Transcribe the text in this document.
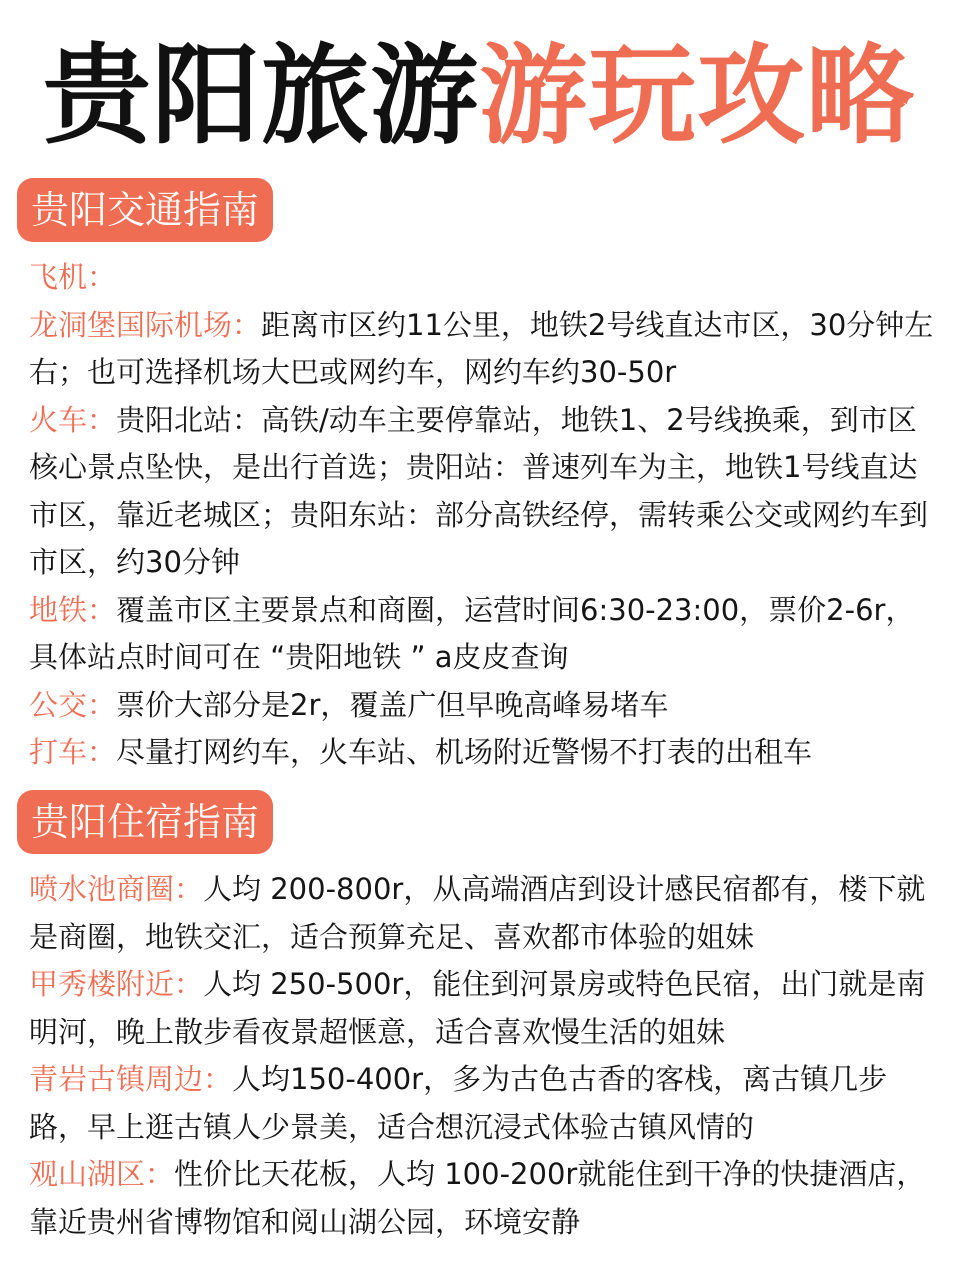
贵阳旅游游玩攻略
贵阳交通指南

飞机：

龙洞堡国际机场：距离市区约11公里，地铁2号线直达市区，30分钟左右；也可选择机场大巴或网约车，网约车约30-50r

火车：贵阳北站：高铁/动车主要停靠站，地铁1、2号线换乘，到市区核心景点坠快，是出行首选；贵阳站：普速列车为主，地铁1号线直达市区，靠近老城区；贵阳东站：部分高铁经停，需转乘公交或网约车到市区，约30分钟

地铁：覆盖市区主要景点和商圈，运营时间6:30-23:00，票价2-6r，具体站点时间可在 “贵阳地铁 ” a皮皮查询

公交：票价大部分是2r，覆盖广但早晚高峰易堵车

打车：尽量打网约车，火车站、机场附近警惕不打表的出租车

贵阳住宿指南

喷水池商圈：人均 200-800r，从高端酒店到设计感民宿都有，楼下就是商圈，地铁交汇，适合预算充足、喜欢都市体验的姐妹

甲秀楼附近：人均 250-500r，能住到河景房或特色民宿，出门就是南明河，晚上散步看夜景超惬意，适合喜欢慢生活的姐妹

青岩古镇周边：人均150-400r，多为古色古香的客栈，离古镇几步路，早上逛古镇人少景美，适合想沉浸式体验古镇风情的

观山湖区：性价比天花板，人均 100-200r就能住到干净的快捷酒店，靠近贵州省博物馆和阅山湖公园，环境安静
